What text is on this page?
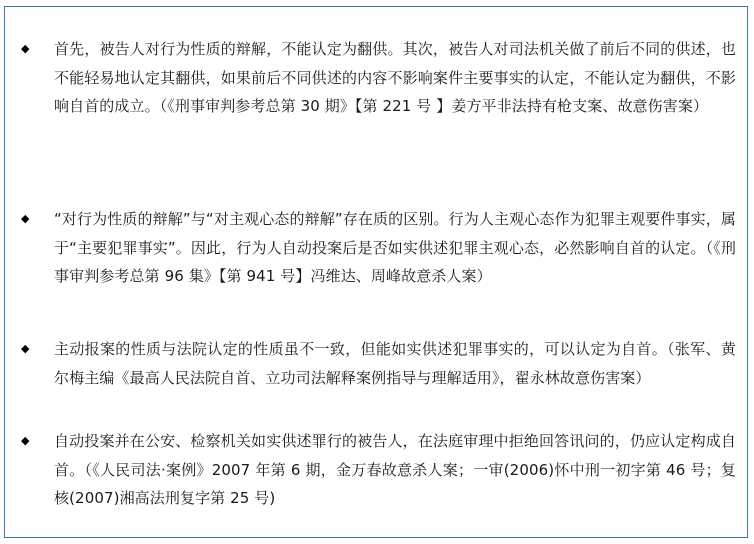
◆ 首先，被告人对行为性质的辩解，不能认定为翻供。其次，被告人对司法机关做了前后不同的供述，也不能轻易地认定其翻供，如果前后不同供述的内容不影响案件主要事实的认定，不能认定为翻供，不影响自首的成立。（《刑事审判参考总第 30 期》【第 221 号 】姜方平非法持有枪支案、故意伤害案）

◆ “对行为性质的辩解”与“对主观心态的辩解”存在质的区别。行为人主观心态作为犯罪主观要件事实，属于“主要犯罪事实”。因此，行为人自动投案后是否如实供述犯罪主观心态，必然影响自首的认定。（《刑事审判参考总第 96 集》【第 941 号】冯维达、周峰故意杀人案）

◆ 主动报案的性质与法院认定的性质虽不一致，但能如实供述犯罪事实的，可以认定为自首。（张军、黄尔梅主编《最高人民法院自首、立功司法解释案例指导与理解适用》，翟永林故意伤害案）

◆ 自动投案并在公安、检察机关如实供述罪行的被告人，在法庭审理中拒绝回答讯问的，仍应认定构成自首。（《人民司法·案例》2007 年第 6 期，金万春故意杀人案；一审(2006)怀中刑一初字第 46 号；复核(2007)湘高法刑复字第 25 号)
